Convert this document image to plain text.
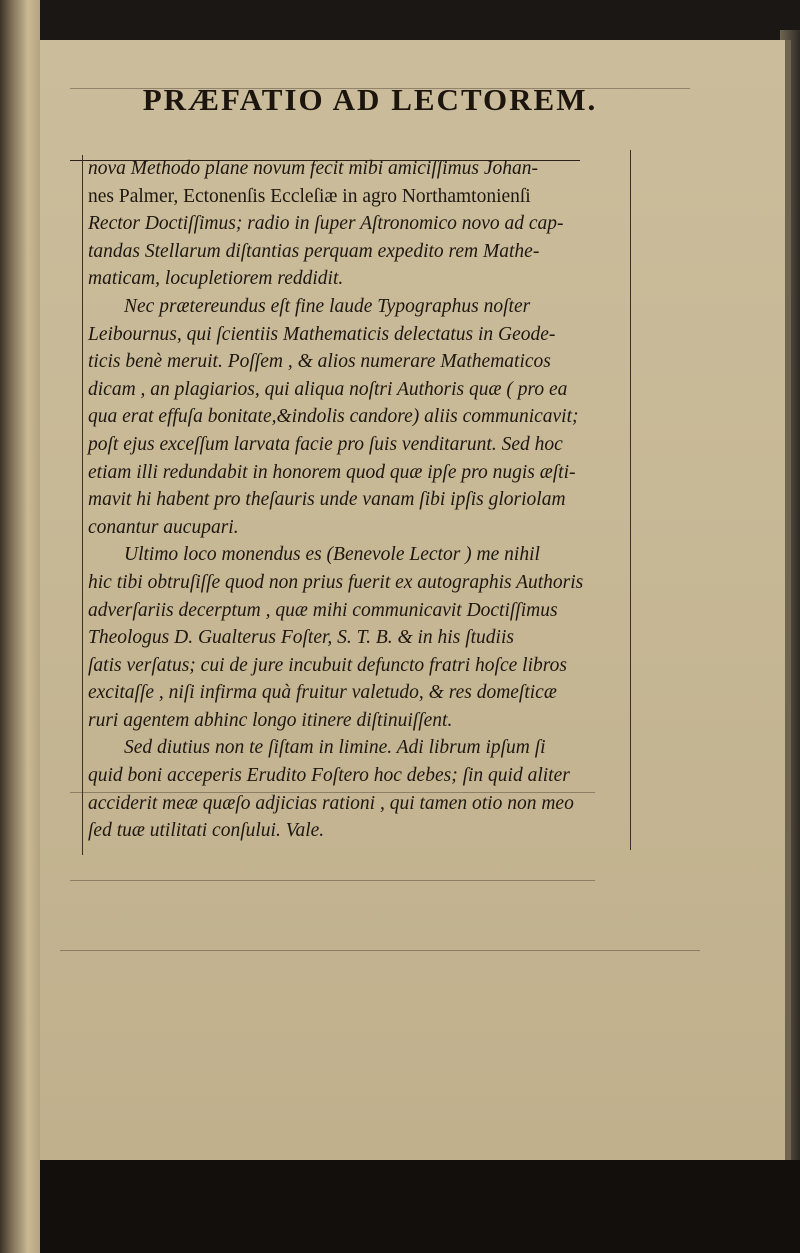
PRÆFATIO AD LECTOREM.
nova Methodo plane novum fecit mibi amiciſſimus Johan-
nes Palmer, Ectonenſis Eccleſiæ in agro Northamtonienſi
Rector Doctiſſimus; radio in ſuper Aſtronomico novo ad cap-
tandas Stellarum diſtantias perquam expedito rem Mathe-
maticam, locupletiorem reddidit.
Nec prætereundus eſt fine laude Typographus noſter
Leibournus, qui ſcientiis Mathematicis delectatus in Geode-
ticis benè meruit. Poſſem , & alios numerare Mathematicos
dicam , an plagiarios, qui aliqua noſtri Authoris quæ ( pro ea
qua erat effuſa bonitate,&indolis candore) aliis communicavit;
poſt ejus exceſſum larvata facie pro ſuis venditarunt. Sed hoc
etiam illi redundabit in honorem quod quæ ipſe pro nugis æſti-
mavit hi habent pro theſauris unde vanam ſibi ipſis gloriolam
conantur aucupari.
Ultimo loco monendus es (Benevole Lector ) me nihil
hic tibi obtruſiſſe quod non prius fuerit ex autographis Authoris
adverſariis decerptum , quæ mihi communicavit Doctiſſimus
Theologus D. Gualterus Foſter, S. T. B. & in his ſtudiis
ſatis verſatus; cui de jure incubuit defuncto fratri hoſce libros
excitaſſe , niſi infirma quà fruitur valetudo, & res domeſticæ
ruri agentem abhinc longo itinere diſtinuiſſent.
Sed diutius non te ſiſtam in limine. Adi librum ipſum ſi
quid boni acceperis Erudito Foſtero hoc debes; ſin quid aliter
acciderit meæ quæſo adjicias rationi , qui tamen otio non meo
ſed tuæ utilitati conſului. Vale.
